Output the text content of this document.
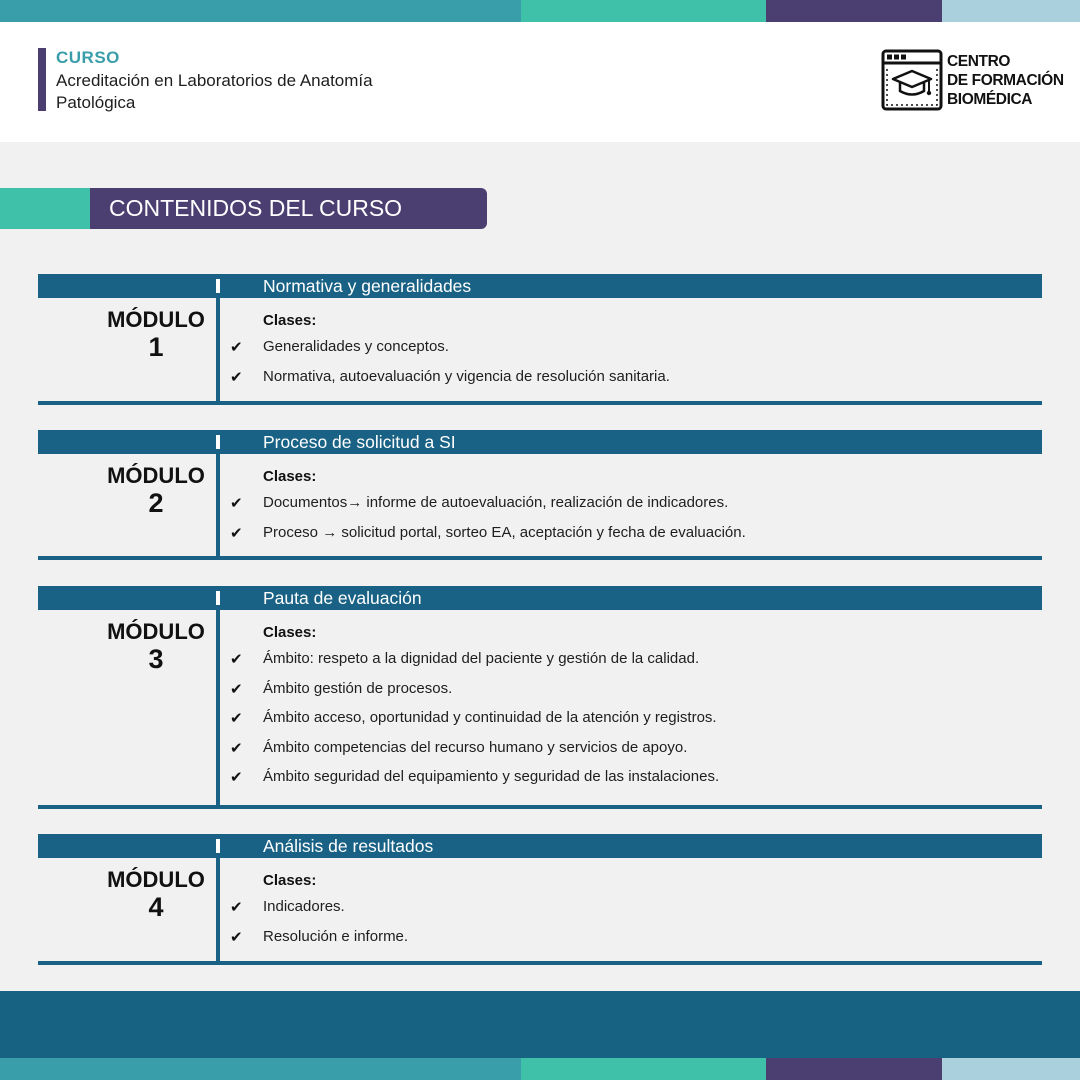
CURSO
Acreditación en Laboratorios de Anatomía Patológica
CENTRO
DE FORMACIÓN
BIOMÉDICA
CONTENIDOS DEL CURSO
Normativa y generalidades
MÓDULO
1
Clases:
✔	Generalidades y conceptos.
✔	Normativa, autoevaluación y vigencia de resolución sanitaria.
Proceso de solicitud a SI
MÓDULO
2
Clases:
✔	Documentos→ informe de autoevaluación, realización de indicadores.
✔	Proceso → solicitud portal, sorteo EA, aceptación y fecha de evaluación.
Pauta de evaluación
MÓDULO
3
Clases:
✔	Ámbito: respeto a la dignidad del paciente y gestión de la calidad.
✔	Ámbito gestión de procesos.
✔	Ámbito acceso, oportunidad y continuidad de la atención y registros.
✔	Ámbito competencias del recurso humano y servicios de apoyo.
✔	Ámbito seguridad del equipamiento y seguridad de las instalaciones.
Análisis de resultados
MÓDULO
4
Clases:
✔	Indicadores.
✔	Resolución e informe.
